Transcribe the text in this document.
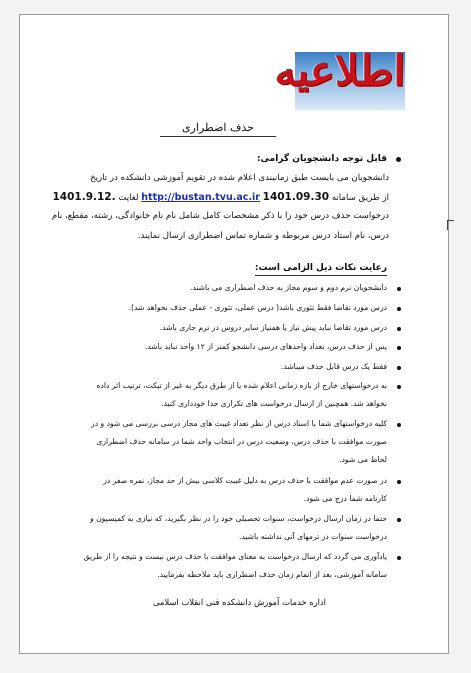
اطلاعیه
حذف اضطراری
قابل توجه دانشجویان گرامی:
دانشجویان می بایست طبق زمانبندی اعلام شده در تقویم آموزشی دانشکده در تاریخ
از طریق سامانه http://bustan.tvu.ac.ir 1401.09.30 لغایت 1401.9.12.
درخواست حذف درس خود را با ذکر مشخصات کامل شامل نام نام خانوادگی، رشته، مقطع، نام
درس، نام استاد درس مربوطه و شماره تماس اضطراری ارسال نمایند.
رعایت نکات ذیل الزامی است:
دانشجویان ترم دوم و سوم مجاز به حذف اضطراری می باشند.
درس مورد تقاضا فقط تئوری باشد( درس عملی، تئوری - عملی حذف نخواهد شد).
درس مورد تقاضا نباید پیش نیاز یا همنیاز سایر دروس در ترم جاری باشد.
پس از حذف درس، تعداد واحدهای درسی دانشجو کمتر از ۱۲ واحد نباید باشد.
فقط یک درس قابل حذف میباشد.
به درخواستهای خارج از بازه زمانی اعلام شده یا از طرق دیگر به غیر از تیکت، ترتیب اثر داده
نخواهد شد. همچنین از ارسال درخواست های تکراری جدا خودداری کنید.
کلیه درخواستهای شما با استاد درس از نظر تعداد غیبت های مجاز درسی بررسی می شود و در
صورت موافقت با حذف درس، وضعیت درس در انتخاب واحد شما در سامانه حذف اضطراری
لحاظ می شود.
در صورت عدم موافقت با حذف درس به دلیل غیبت کلاسی بیش از حد مجاز، نمره صفر در
کارنامه شما درج می شود.
حتما در زمان ارسال درخواست، سنوات تحصیلی خود را در نظر بگیرید، که نیازی به کمیسیون و
درخواست سنوات در ترمهای آتی نداشته باشید.
یادآوری می گردد که ارسال درخواست به معنای موافقت با حذف درس نیست و نتیجه را از طریق
سامانه آموزشی، بعد از اتمام زمان حذف اضطراری باید ملاحظه بفرمایید.
اداره خدمات آموزش دانشکده فنی انقلاب اسلامی
